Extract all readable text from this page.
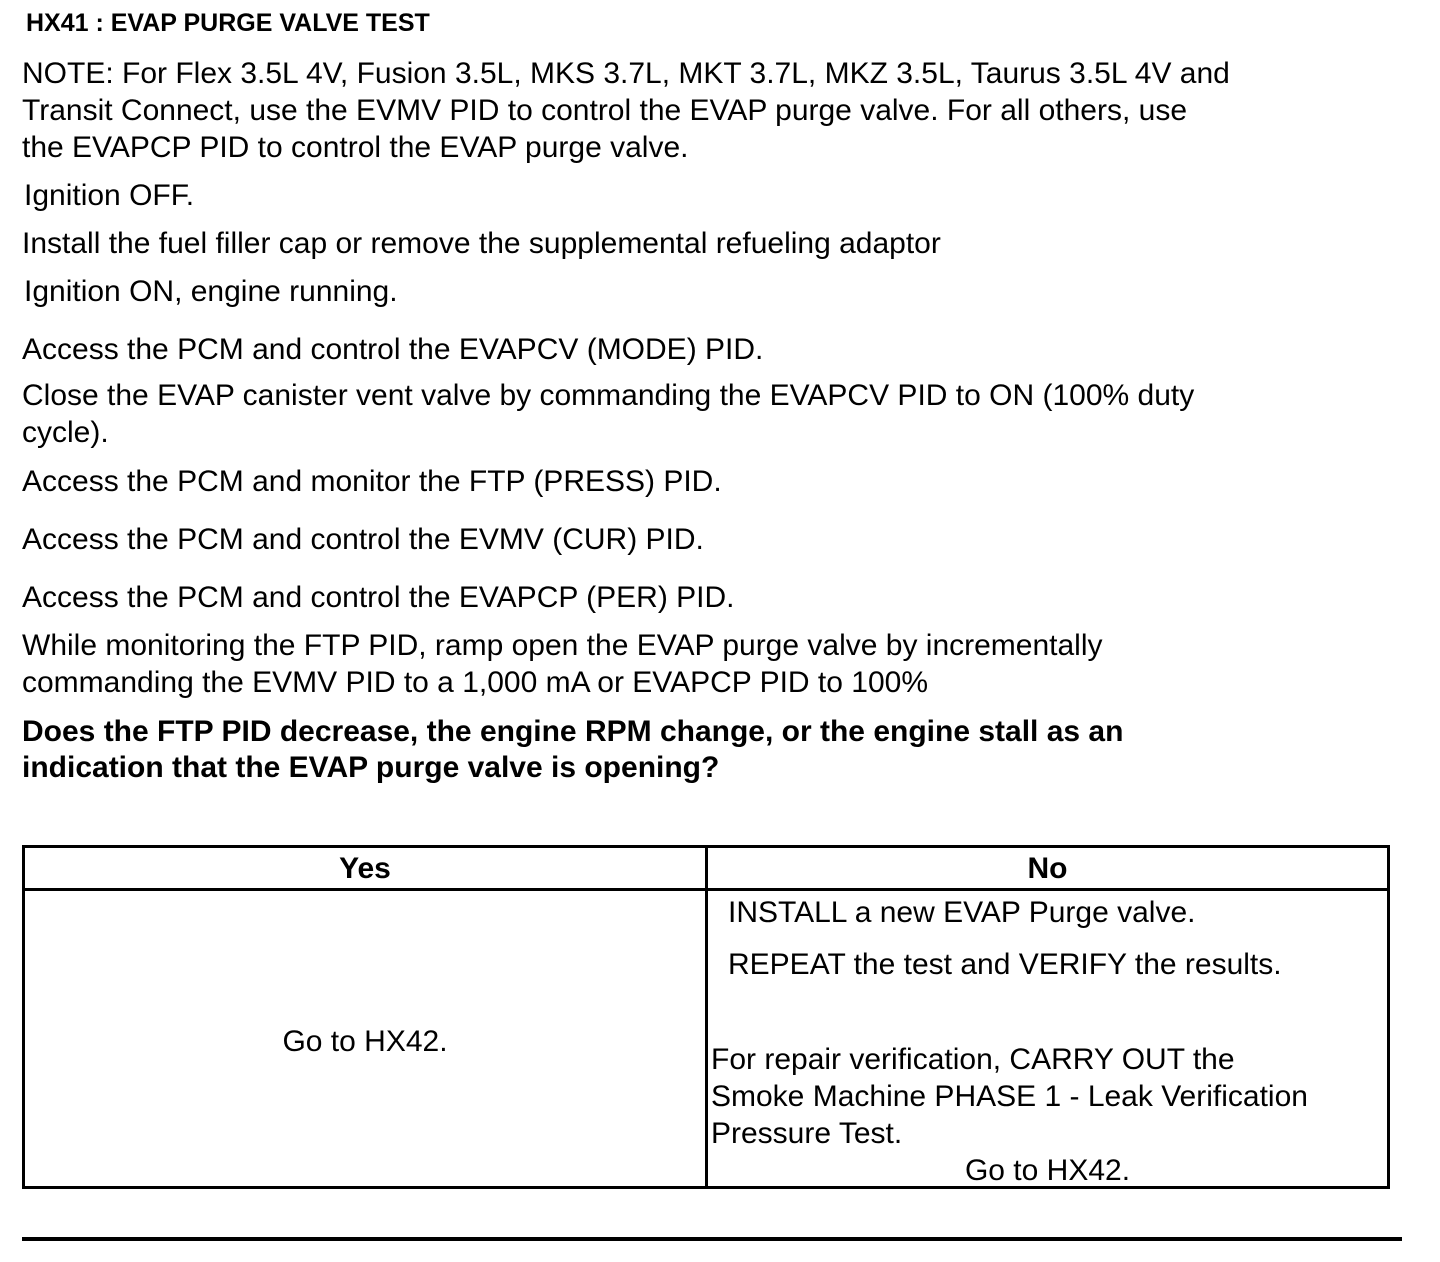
HX41 : EVAP PURGE VALVE TEST
NOTE: For Flex 3.5L 4V, Fusion 3.5L, MKS 3.7L, MKT 3.7L, MKZ 3.5L, Taurus 3.5L 4V and
Transit Connect, use the EVMV PID to control the EVAP purge valve. For all others, use
the EVAPCP PID to control the EVAP purge valve.
Ignition OFF.
Install the fuel filler cap or remove the supplemental refueling adaptor
Ignition ON, engine running.
Access the PCM and control the EVAPCV (MODE) PID.
Close the EVAP canister vent valve by commanding the EVAPCV PID to ON (100% duty
cycle).
Access the PCM and monitor the FTP (PRESS) PID.
Access the PCM and control the EVMV (CUR) PID.
Access the PCM and control the EVAPCP (PER) PID.
While monitoring the FTP PID, ramp open the EVAP purge valve by incrementally
commanding the EVMV PID to a 1,000 mA or EVAPCP PID to 100%
Does the FTP PID decrease, the engine RPM change, or the engine stall as an
indication that the EVAP purge valve is opening?
Yes	No
Go to HX42.
INSTALL a new EVAP Purge valve.
REPEAT the test and VERIFY the results.
For repair verification, CARRY OUT the
Smoke Machine PHASE 1 - Leak Verification
Pressure Test.
Go to HX42.
